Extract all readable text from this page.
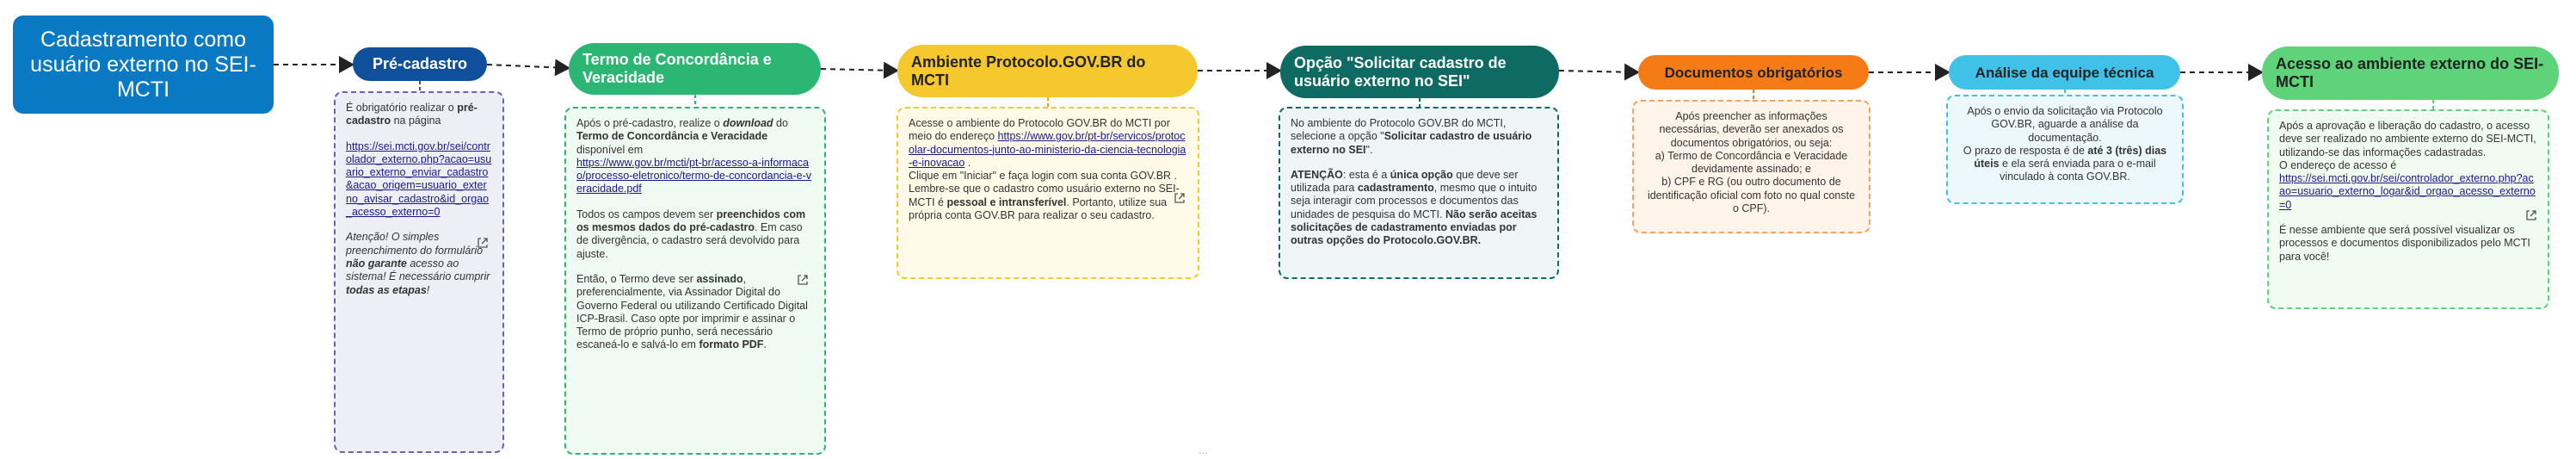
Cadastramento como usuário externo no SEI-MCTI
Pré-cadastro

É obrigatório realizar o pré-cadastro na página

https://sei.mcti.gov.br/sei/controlador_externo.php?acao=usuario_externo_enviar_cadastro&acao_origem=usuario_externo_avisar_cadastro&id_orgao_acesso_externo=0

Atenção! O simples preenchimento do formulário não garante acesso ao sistema! É necessário cumprir todas as etapas!

Termo de Concordância e Veracidade

Após o pré-cadastro, realize o download do Termo de Concordância e Veracidade disponível em
https://www.gov.br/mcti/pt-br/acesso-a-informacao/processo-eletronico/termo-de-concordancia-e-veracidade.pdf

Todos os campos devem ser preenchidos com os mesmos dados do pré-cadastro. Em caso de divergência, o cadastro será devolvido para ajuste.

Então, o Termo deve ser assinado, preferencialmente, via Assinador Digital do Governo Federal ou utilizando Certificado Digital ICP-Brasil. Caso opte por imprimir e assinar o Termo de próprio punho, será necessário escaneá-lo e salvá-lo em formato PDF.

Ambiente Protocolo.GOV.BR do MCTI

Acesse o ambiente do Protocolo GOV.BR do MCTI por meio do endereço https://www.gov.br/pt-br/servicos/protocolar-documentos-junto-ao-ministerio-da-ciencia-tecnologia-e-inovacao .
Clique em "Iniciar" e faça login com sua conta GOV.BR .
Lembre-se que o cadastro como usuário externo no SEI-MCTI é pessoal e intransferível. Portanto, utilize sua própria conta GOV.BR para realizar o seu cadastro.

Opção "Solicitar cadastro de usuário externo no SEI"

No ambiente do Protocolo GOV.BR do MCTI, selecione a opção "Solicitar cadastro de usuário externo no SEI".

ATENÇÃO: esta é a única opção que deve ser utilizada para cadastramento, mesmo que o intuito seja interagir com processos e documentos das unidades de pesquisa do MCTI. Não serão aceitas solicitações de cadastramento enviadas por outras opções do Protocolo.GOV.BR.

Documentos obrigatórios

Após preencher as informações necessárias, deverão ser anexados os documentos obrigatórios, ou seja:
a) Termo de Concordância e Veracidade devidamente assinado; e
b) CPF e RG (ou outro documento de identificação oficial com foto no qual conste o CPF).

Análise da equipe técnica

Após o envio da solicitação via Protocolo GOV.BR, aguarde a análise da documentação.
O prazo de resposta é de até 3 (três) dias úteis e ela será enviada para o e-mail vinculado à conta GOV.BR.

Acesso ao ambiente externo do SEI-MCTI

Após a aprovação e liberação do cadastro, o acesso deve ser realizado no ambiente externo do SEI-MCTI, utilizando-se das informações cadastradas.
O endereço de acesso é
https://sei.mcti.gov.br/sei/controlador_externo.php?acao=usuario_externo_logar&id_orgao_acesso_externo=0

É nesse ambiente que será possível visualizar os processos e documentos disponibilizados pelo MCTI para você!

…
